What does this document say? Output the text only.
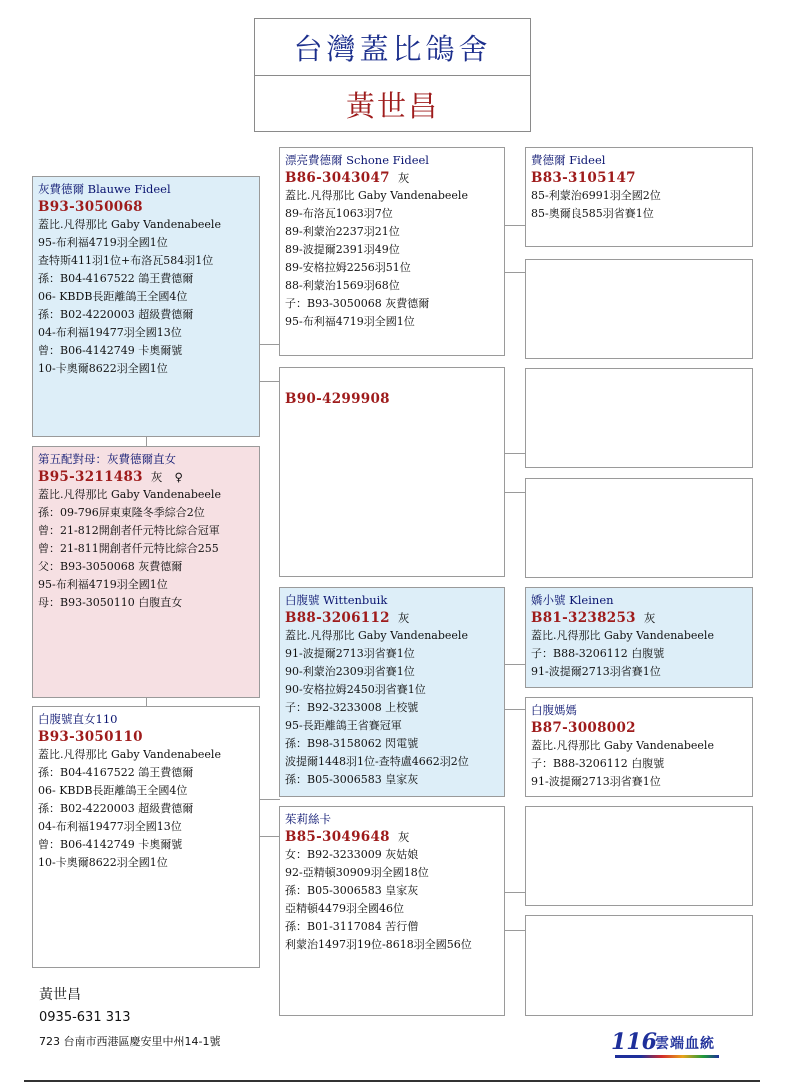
台灣蓋比鴿舍
黃世昌
灰費德爾 Blauwe Fideel
B93-3050068
蓋比.凡得那比 Gaby Vandenabeele
95-布利福4719羽全國1位
查特斯411羽1位+布洛瓦584羽1位
孫：B04-4167522 鴿王費德爾
06- KBDB長距離鴿王全國4位
孫：B02-4220003 超級費德爾
04-布利福19477羽全國13位
曾：B06-4142749 卡奧爾號
10-卡奧爾8622羽全國1位
第五配對母：灰費德爾直女
B95-3211483 灰　♀
蓋比.凡得那比 Gaby Vandenabeele
孫：09-796屏東東隆冬季綜合2位
曾：21-812開創者仟元特比綜合冠軍
曾：21-811開創者仟元特比綜合255
父：B93-3050068 灰費德爾
95-布利福4719羽全國1位
母：B93-3050110 白腹直女
白腹號直女110
B93-3050110
蓋比.凡得那比 Gaby Vandenabeele
孫：B04-4167522 鴿王費德爾
06- KBDB長距離鴿王全國4位
孫：B02-4220003 超級費德爾
04-布利福19477羽全國13位
曾：B06-4142749 卡奧爾號
10-卡奧爾8622羽全國1位
漂亮費德爾 Schone Fideel
B86-3043047 灰
蓋比.凡得那比 Gaby Vandenabeele
89-布洛瓦1063羽7位
89-利蒙治2237羽21位
89-波提爾2391羽49位
89-安格拉姆2256羽51位
88-利蒙治1569羽68位
子：B93-3050068 灰費德爾
95-布利福4719羽全國1位
B90-4299908
白腹號 Wittenbuik
B88-3206112 灰
蓋比.凡得那比 Gaby Vandenabeele
91-波提爾2713羽省賽1位
90-利蒙治2309羽省賽1位
90-安格拉姆2450羽省賽1位
子：B92-3233008 上校號
95-長距離鴿王省賽冠軍
孫：B98-3158062 閃電號
波提爾1448羽1位-查特盧4662羽2位
孫：B05-3006583 皇家灰
茱莉絲卡
B85-3049648 灰
女：B92-3233009 灰姑娘
92-亞精頓30909羽全國18位
孫：B05-3006583 皇家灰
亞精頓4479羽全國46位
孫：B01-3117084 苦行僧
利蒙治1497羽19位-8618羽全國56位
費德爾 Fideel
B83-3105147
85-利蒙治6991羽全國2位
85-奧爾良585羽省賽1位
嬌小號 Kleinen
B81-3238253 灰
蓋比.凡得那比 Gaby Vandenabeele
子：B88-3206112 白腹號
91-波提爾2713羽省賽1位
白腹媽媽
B87-3008002
蓋比.凡得那比 Gaby Vandenabeele
子：B88-3206112 白腹號
91-波提爾2713羽省賽1位
黃世昌
0935-631 313
723 台南市西港區慶安里中州14-1號	116
雲端血統
